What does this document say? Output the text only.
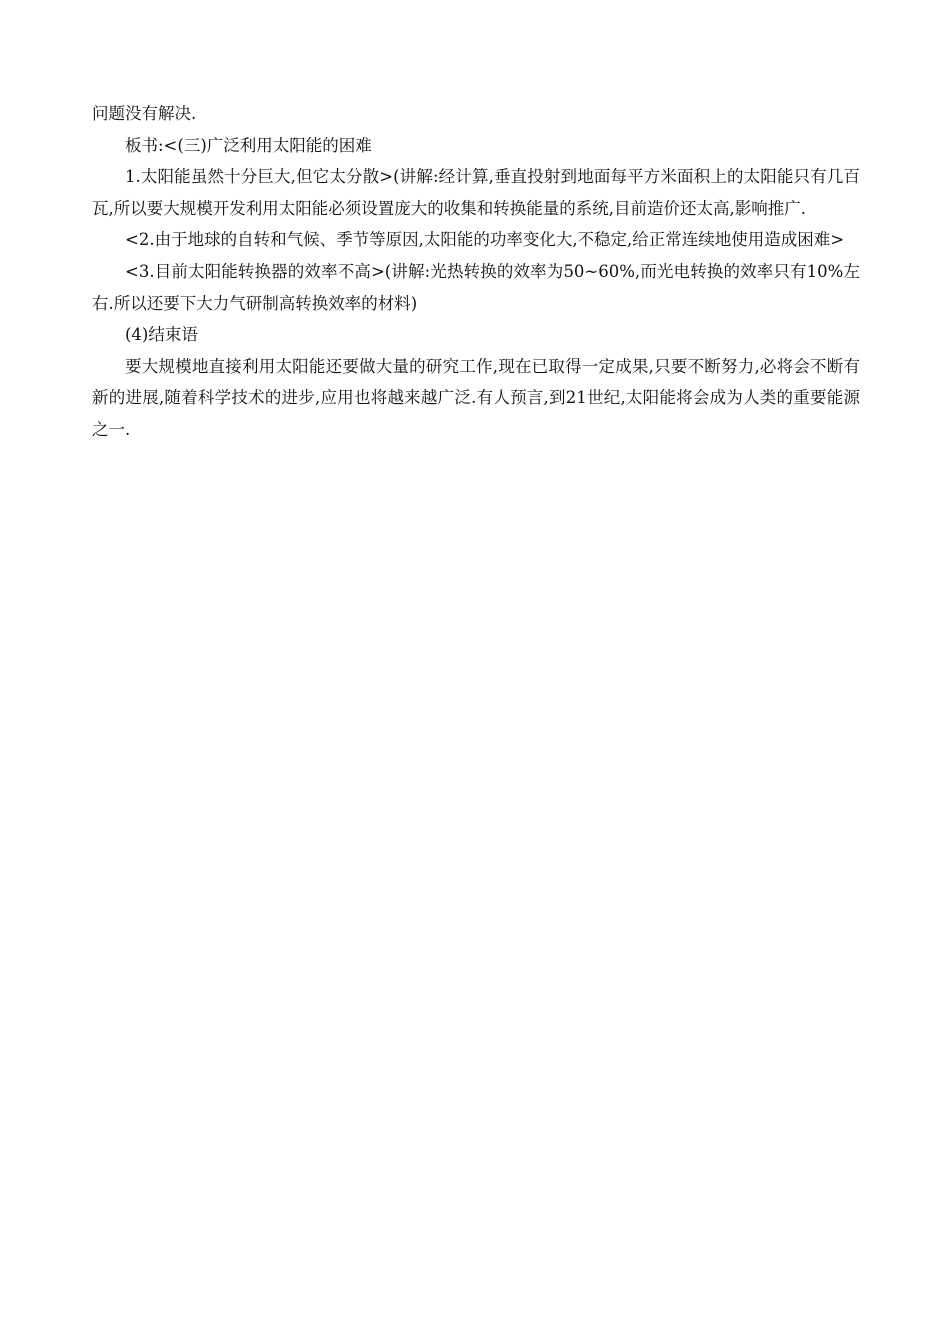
问题没有解决.

板书:<(三)广泛利用太阳能的困难

1.太阳能虽然十分巨大,但它太分散>(讲解:经计算,垂直投射到地面每平方米面积上的太阳能只有几百瓦,所以要大规模开发利用太阳能必须设置庞大的收集和转换能量的系统,目前造价还太高,影响推广.

<2.由于地球的自转和气候、季节等原因,太阳能的功率变化大,不稳定,给正常连续地使用造成困难>

<3.目前太阳能转换器的效率不高>(讲解:光热转换的效率为50~60%,而光电转换的效率只有10%左右.所以还要下大力气研制高转换效率的材料)

(4)结束语

要大规模地直接利用太阳能还要做大量的研究工作,现在已取得一定成果,只要不断努力,必将会不断有新的进展,随着科学技术的进步,应用也将越来越广泛.有人预言,到21世纪,太阳能将会成为人类的重要能源之一.
